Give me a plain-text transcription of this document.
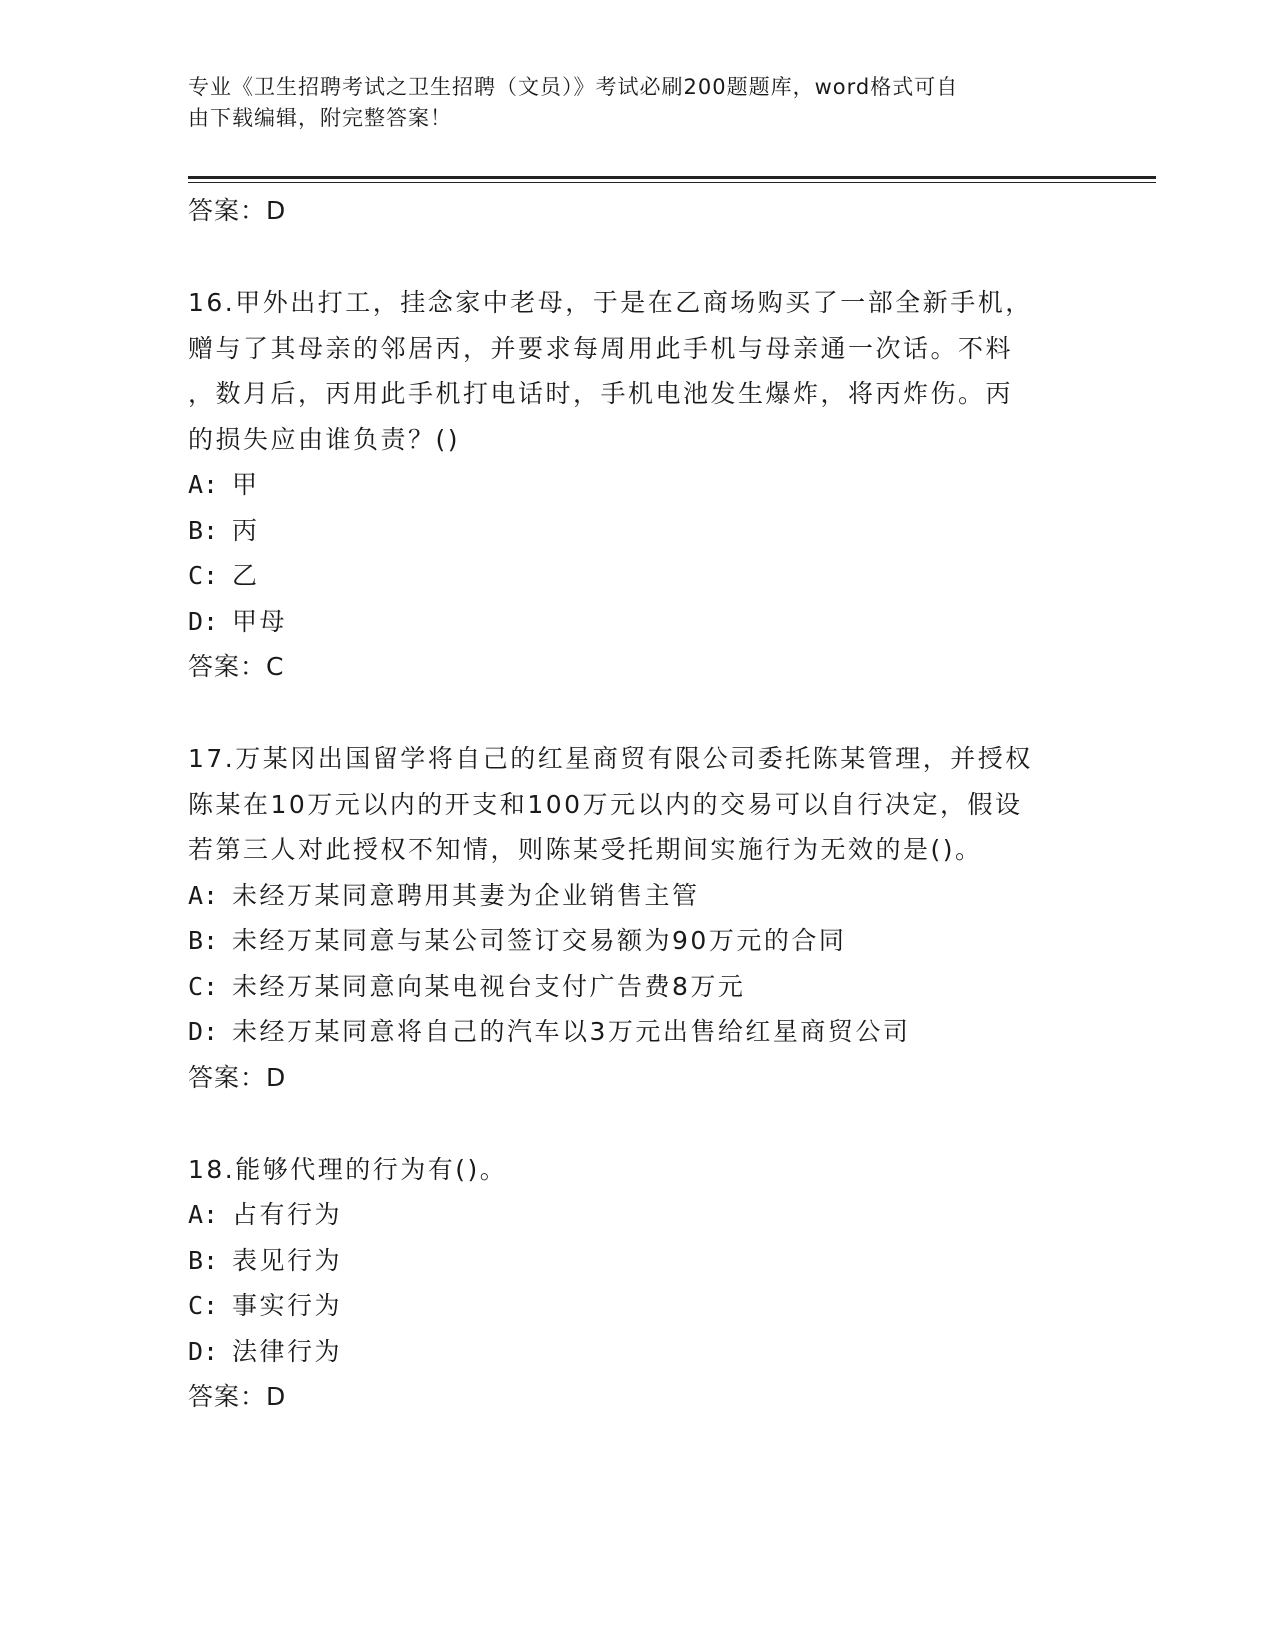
专业《卫生招聘考试之卫生招聘（文员）》考试必刷200题题库，word格式可自
由下载编辑，附完整答案！
答案：D
16.甲外出打工，挂念家中老母，于是在乙商场购买了一部全新手机，
赠与了其母亲的邻居丙，并要求每周用此手机与母亲通一次话。不料
，数月后，丙用此手机打电话时，手机电池发生爆炸，将丙炸伤。丙
的损失应由谁负责？()
A: 甲
B: 丙
C: 乙
D: 甲母
答案：C
17.万某冈出国留学将自己的红星商贸有限公司委托陈某管理，并授权
陈某在10万元以内的开支和100万元以内的交易可以自行决定，假设
若第三人对此授权不知情，则陈某受托期间实施行为无效的是()。
A: 未经万某同意聘用其妻为企业销售主管
B: 未经万某同意与某公司签订交易额为90万元的合同
C: 未经万某同意向某电视台支付广告费8万元
D: 未经万某同意将自己的汽车以3万元出售给红星商贸公司
答案：D
18.能够代理的行为有()。
A: 占有行为
B: 表见行为
C: 事实行为
D: 法律行为
答案：D
